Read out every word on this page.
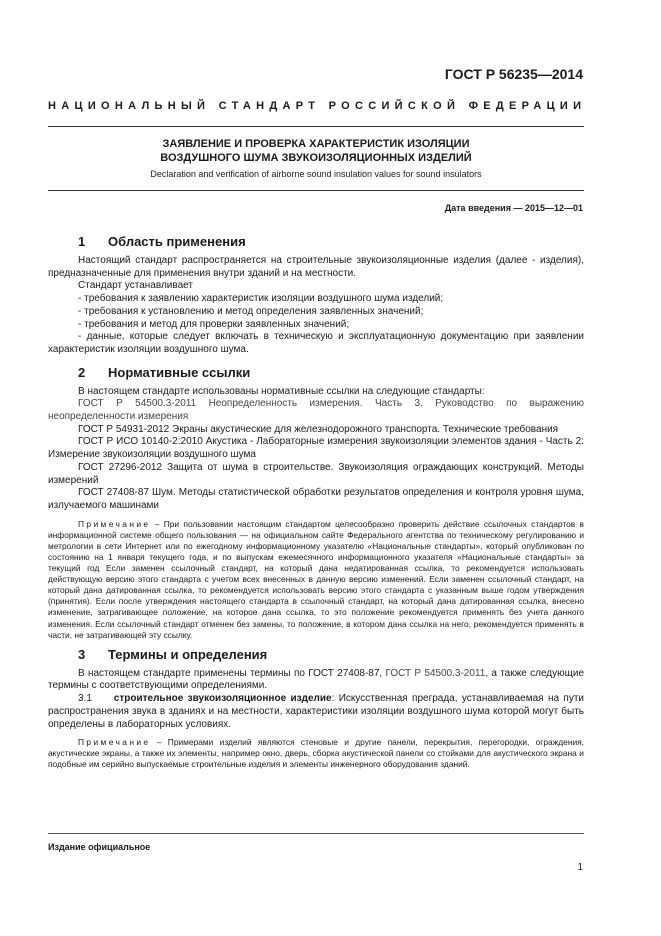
ГОСТ Р 56235—2014
НАЦИОНАЛЬНЫЙ СТАНДАРТ РОССИЙСКОЙ ФЕДЕРАЦИИ
ЗАЯВЛЕНИЕ И ПРОВЕРКА ХАРАКТЕРИСТИК ИЗОЛЯЦИИ
ВОЗДУШНОГО ШУМА ЗВУКОИЗОЛЯЦИОННЫХ ИЗДЕЛИЙ
Declaration and verification of airborne sound insulation values for sound insulators
Дата введения — 2015—12—01
1 Область применения

Настоящий стандарт распространяется на строительные звукоизоляционные изделия (далее - изделия), предназначенные для применения внутри зданий и на местности.

Стандарт устанавливает

- требования к заявлению характеристик изоляции воздушного шума изделий;

- требования к установлению и метод определения заявленных значений;

- требования и метод для проверки заявленных значений;

- данные, которые следует включать в техническую и эксплуатационную документацию при заявлении характеристик изоляции воздушного шума.

2 Нормативные ссылки

В настоящем стандарте использованы нормативные ссылки на следующие стандарты:

ГОСТ Р 54500.3-2011 Неопределенность измерения. Часть 3. Руководство по выражению неопределенности измерения

ГОСТ Р 54931-2012 Экраны акустические для железнодорожного транспорта. Технические требования

ГОСТ Р ИСО 10140-2:2010 Акустика - Лабораторные измерения звукоизоляции элементов здания - Часть 2: Измерение звукоизоляции воздушного шума

ГОСТ 27296-2012 Защита от шума в строительстве. Звукоизоляция ограждающих конструкций. Методы измерений

ГОСТ 27408-87 Шум. Методы статистической обработки результатов определения и контроля уровня шума, излучаемого машинами

Примечание – При пользовании настоящим стандартом целесообразно проверить действие ссылочных стандартов в информационной системе общего пользования — на официальном сайте Федерального агентства по техническому регулированию и метрологии в сети Интернет или по ежегодному информационному указателю «Национальные стандарты», который опубликован по состоянию на 1 января текущего года, и по выпускам ежемесячного информационного указателя «Национальные стандарты» за текущий год Если заменен ссылочный стандарт, на который дана недатированная ссылка, то рекомендуется использовать действующую версию этого стандарта с учетом всех внесенных в данную версию изменений. Если заменен ссылочный стандарт, на который дана датированная ссылка, то рекомендуется использовать версию этого стандарта с указанным выше годом утверждения (принятия). Если после утверждения настоящего стандарта в ссылочный стандарт, на который дана датированная ссылка, внесено изменение, затрагивающее положение, на которое дана ссылка, то это положение рекомендуется применять без учета данного изменения. Если ссылочный стандарт отменен без замены, то положение, в котором дана ссылка на него, рекомендуется применять в части, не затрагивающей эту ссылку.

3 Термины и определения

В настоящем стандарте применены термины по ГОСТ 27408-87, ГОСТ Р 54500.3-2011, а также следующие термины с соответствующими определениями.

3.1 строительное звукоизоляционное изделие: Искусственная преграда, устанавливаемая на пути распространения звука в зданиях и на местности, характеристики изоляции воздушного шума которой могут быть определены в лабораторных условиях.

Примечание – Примерами изделий являются стеновые и другие панели, перекрытия, перегородки, ограждения, акустические экраны, а также их элементы, например окно, дверь, сборка акустической панели со стойками для акустического экрана и подобные им серийно выпускаемые строительные изделия и элементы инженерного оборудования зданий.

Издание официальное
1
